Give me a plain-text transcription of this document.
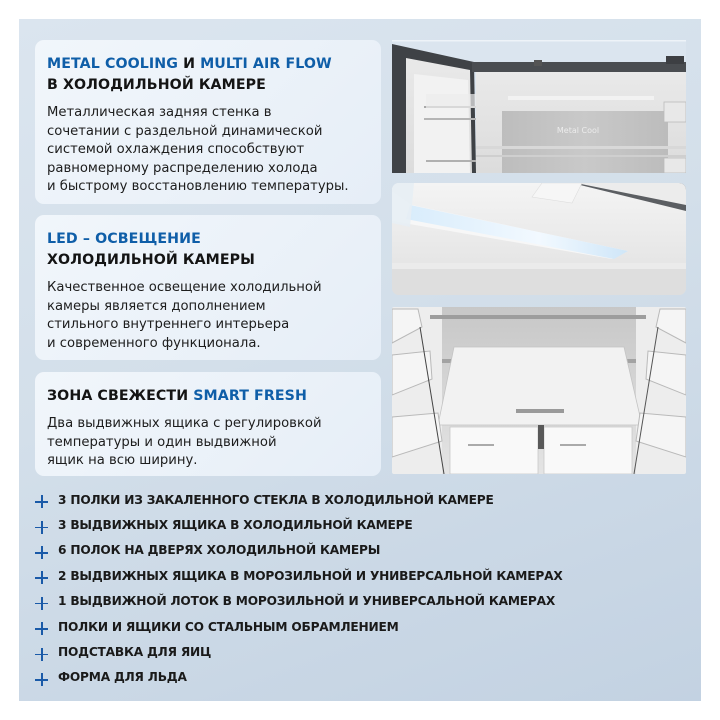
METAL COOLING И MULTI AIR FLOW
В ХОЛОДИЛЬНОЙ КАМЕРЕ
Металлическая задняя стенка в
сочетании с раздельной динамической
системой охлаждения способствуют
равномерному распределению холода
и быстрому восстановлению температуры.
LED – ОСВЕЩЕНИЕ
ХОЛОДИЛЬНОЙ КАМЕРЫ
Качественное освещение холодильной
камеры является дополнением
стильного внутреннего интерьера
и современного функционала.
ЗОНА СВЕЖЕСТИ SMART FRESH
Два выдвижных ящика с регулировкой
температуры и один выдвижной
ящик на всю ширину.
Metal Cool
3 ПОЛКИ ИЗ ЗАКАЛЕННОГО СТЕКЛА В ХОЛОДИЛЬНОЙ КАМЕРЕ
3 ВЫДВИЖНЫХ ЯЩИКА В ХОЛОДИЛЬНОЙ КАМЕРЕ
6 ПОЛОК НА ДВЕРЯХ ХОЛОДИЛЬНОЙ КАМЕРЫ
2 ВЫДВИЖНЫХ ЯЩИКА В МОРОЗИЛЬНОЙ И УНИВЕРСАЛЬНОЙ КАМЕРАХ
1 ВЫДВИЖНОЙ ЛОТОК В МОРОЗИЛЬНОЙ И УНИВЕРСАЛЬНОЙ КАМЕРАХ
ПОЛКИ И ЯЩИКИ СО СТАЛЬНЫМ ОБРАМЛЕНИЕМ
ПОДСТАВКА ДЛЯ ЯИЦ
ФОРМА ДЛЯ ЛЬДА
